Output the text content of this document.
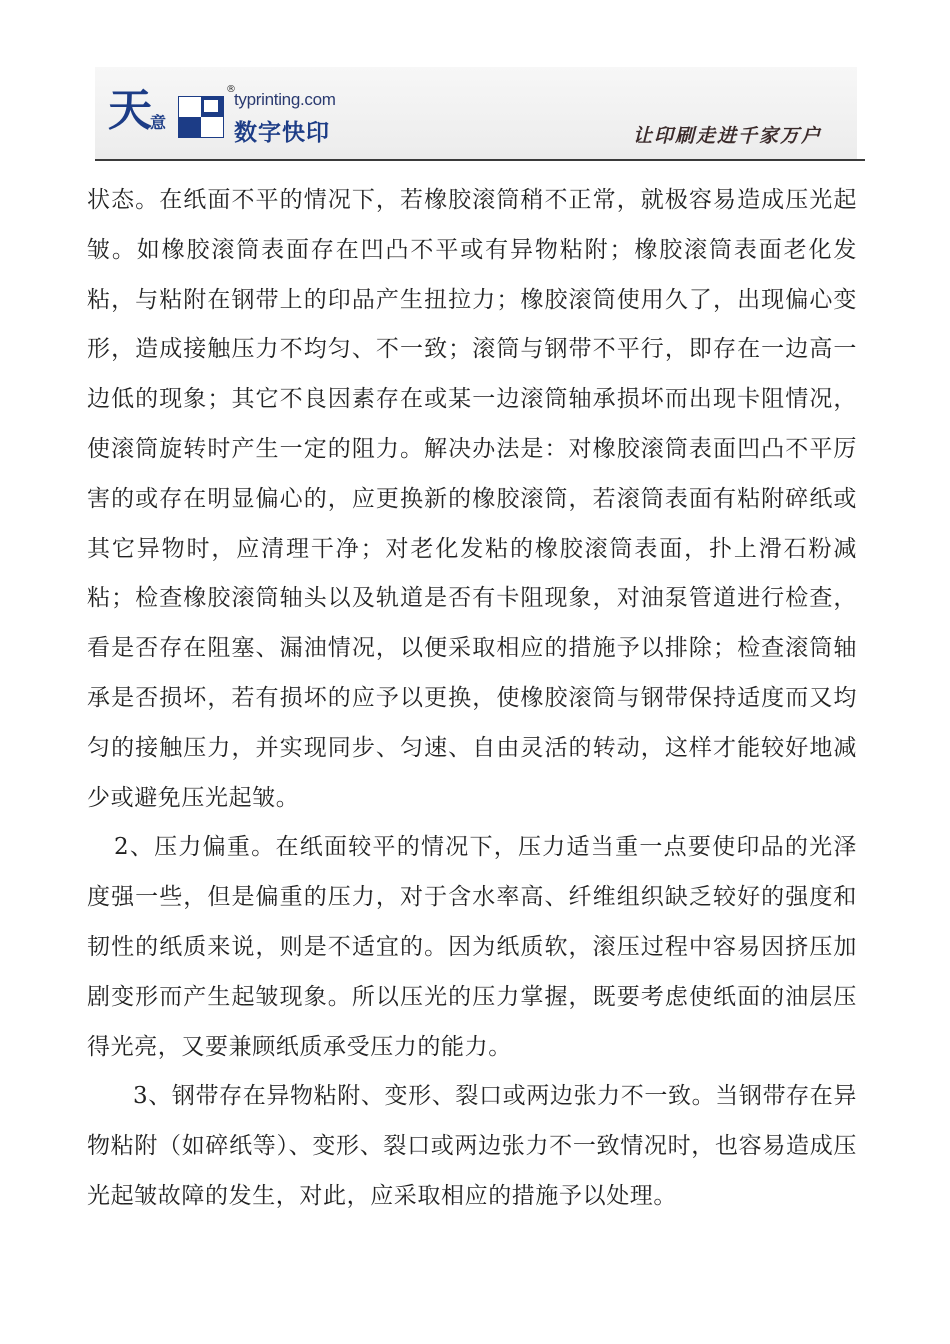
天
意
®
typrinting.com
数字快印	让印刷走进千家万户

状态。在纸面不平的情况下，若橡胶滚筒稍不正常，就极容易造成压光起皱。如橡胶滚筒表面存在凹凸不平或有异物粘附；橡胶滚筒表面老化发粘，与粘附在钢带上的印品产生扭拉力；橡胶滚筒使用久了，出现偏心变形，造成接触压力不均匀、不一致；滚筒与钢带不平行，即存在一边高一边低的现象；其它不良因素存在或某一边滚筒轴承损坏而出现卡阻情况，使滚筒旋转时产生一定的阻力。解决办法是：对橡胶滚筒表面凹凸不平厉害的或存在明显偏心的，应更换新的橡胶滚筒，若滚筒表面有粘附碎纸或其它异物时，应清理干净；对老化发粘的橡胶滚筒表面，扑上滑石粉减粘；检查橡胶滚筒轴头以及轨道是否有卡阻现象，对油泵管道进行检查，看是否存在阻塞、漏油情况，以便采取相应的措施予以排除；检查滚筒轴承是否损坏，若有损坏的应予以更换，使橡胶滚筒与钢带保持适度而又均匀的接触压力，并实现同步、匀速、自由灵活的转动，这样才能较好地减少或避免压光起皱。

2、压力偏重。在纸面较平的情况下，压力适当重一点要使印品的光泽度强一些，但是偏重的压力，对于含水率高、纤维组织缺乏较好的强度和韧性的纸质来说，则是不适宜的。因为纸质软，滚压过程中容易因挤压加剧变形而产生起皱现象。所以压光的压力掌握，既要考虑使纸面的油层压得光亮，又要兼顾纸质承受压力的能力。

3、钢带存在异物粘附、变形、裂口或两边张力不一致。当钢带存在异物粘附（如碎纸等）、变形、裂口或两边张力不一致情况时，也容易造成压光起皱故障的发生，对此，应采取相应的措施予以处理。
